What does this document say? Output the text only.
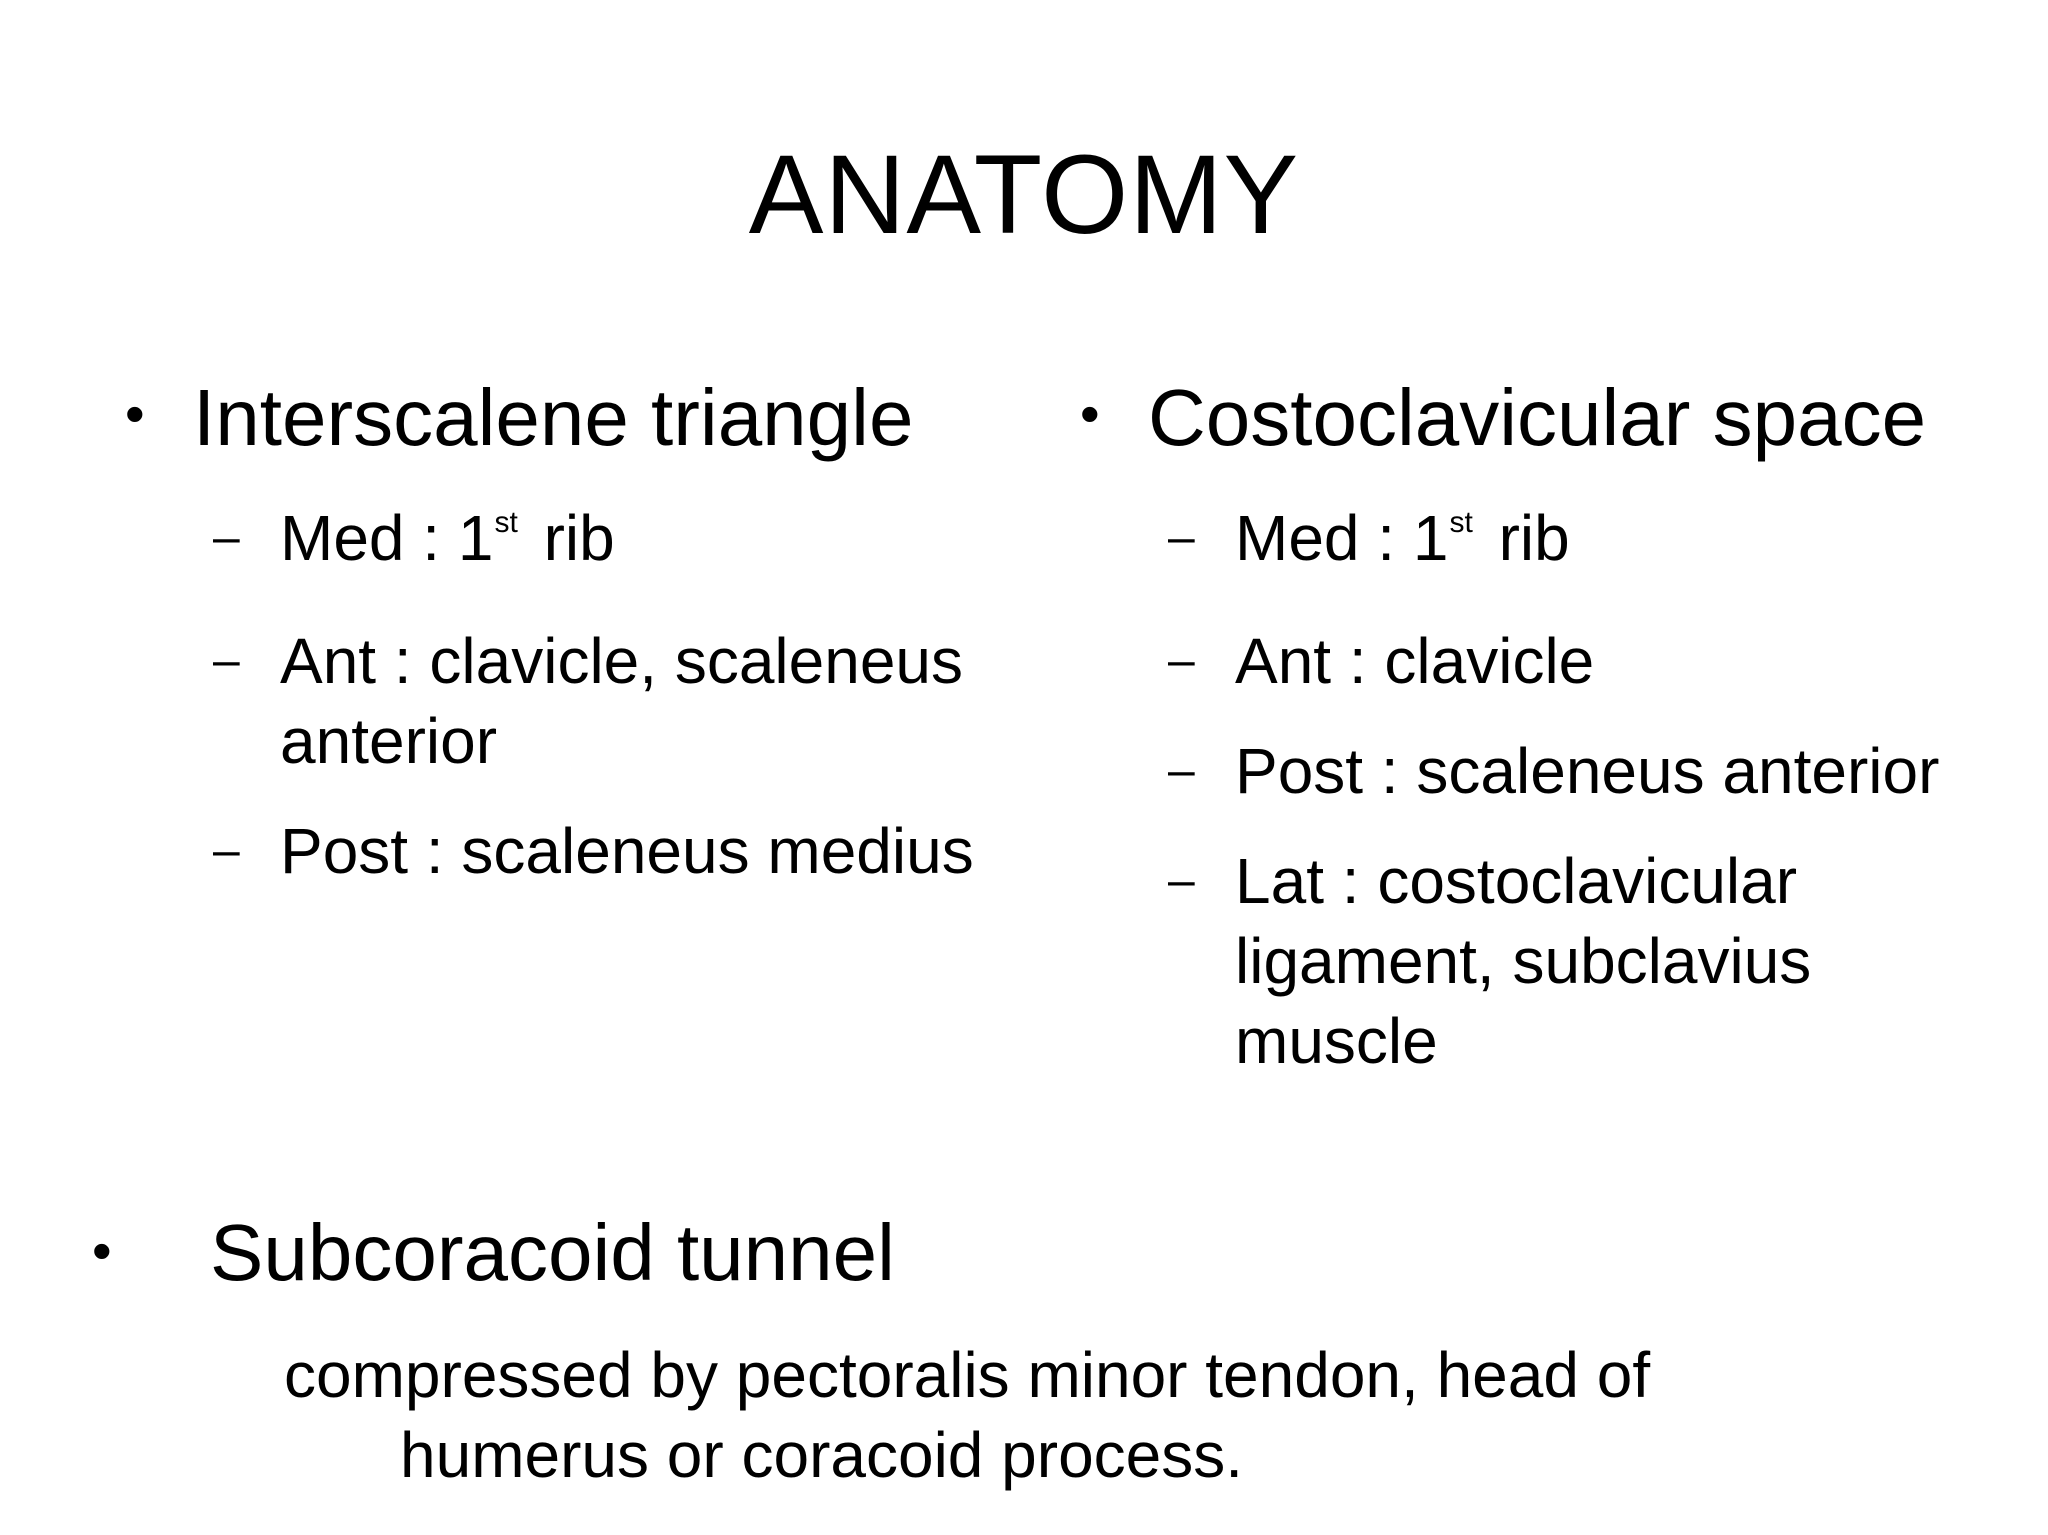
ANATOMY
• Interscalene triangle
– Med : 1st rib
– Ant : clavicle, scaleneus anterior
– Post : scaleneus medius
• Costoclavicular space
– Med : 1st rib
– Ant : clavicle
– Post : scaleneus anterior
– Lat : costoclavicular ligament, subclavius muscle
• Subcoracoid tunnel
compressed by pectoralis minor tendon, head of
humerus or coracoid process.
